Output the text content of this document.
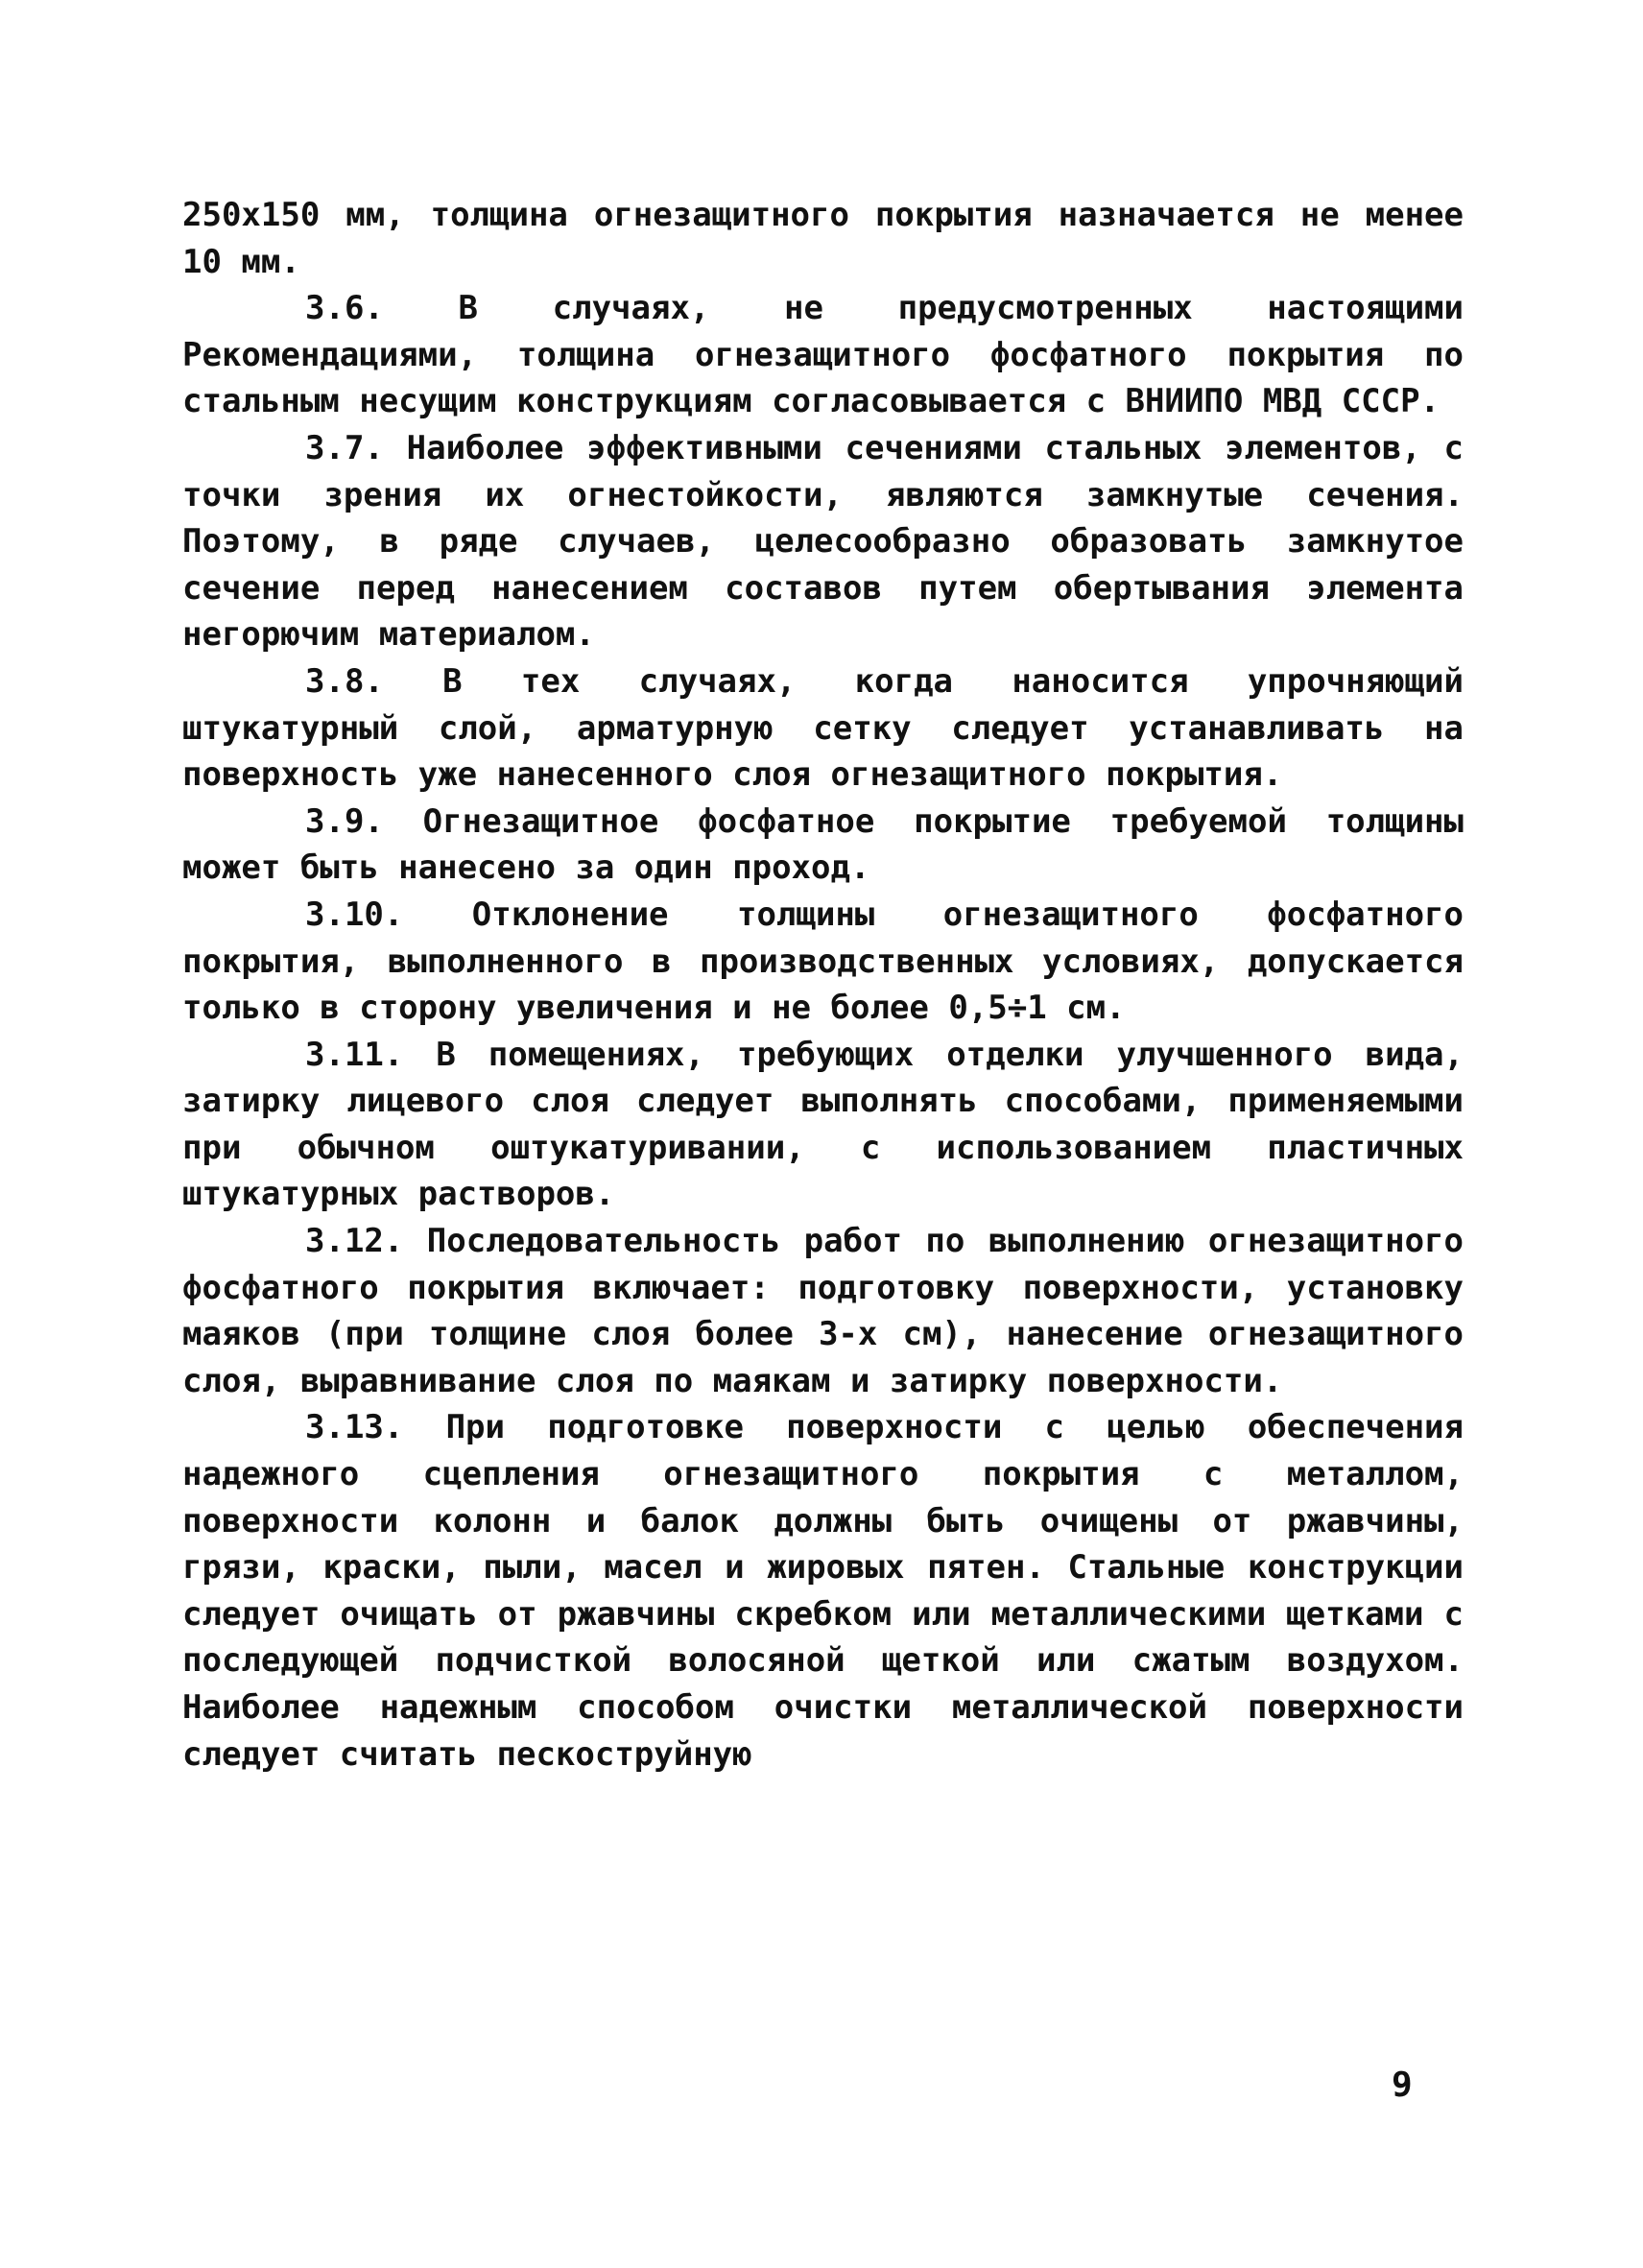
250х150 мм, толщина огнезащитного покрытия назначается не менее 10 мм.

3.6. В случаях, не предусмотренных настоящими Рекомендациями, толщина огнезащитного фосфатного покрытия по стальным несущим конструкциям согласовывается с ВНИИПО МВД СССР.

3.7. Наиболее эффективными сечениями стальных элементов, с точки зрения их огнестойкости, являются замкнутые сечения. Поэтому, в ряде случаев, целесообразно образовать замкнутое сечение перед нанесением составов путем обертывания элемента негорючим материалом.

3.8. В тех случаях, когда наносится упрочняющий штукатурный слой, арматурную сетку следует устанавливать на поверхность уже нанесенного слоя огнезащитного покрытия.

3.9. Огнезащитное фосфатное покрытие требуемой толщины может быть нанесено за один проход.

3.10. Отклонение толщины огнезащитного фосфатного покрытия, выполненного в производственных условиях, допускается только в сторону увеличения и не более 0,5÷1 см.

3.11. В помещениях, требующих отделки улучшенного вида, затирку лицевого слоя следует выполнять способами, применяемыми при обычном оштукатуривании, с использованием пластичных штукатурных растворов.

3.12. Последовательность работ по выполнению огнезащитного фосфатного покрытия включает: подготовку поверхности, установку маяков (при толщине слоя более 3-х см), нанесение огнезащитного слоя, выравнивание слоя по маякам и затирку поверхности.

3.13. При подготовке поверхности с целью обеспечения надежного сцепления огнезащитного покрытия с металлом, поверхности колонн и балок должны быть очищены от ржавчины, грязи, краски, пыли, масел и жировых пятен. Стальные конструкции следует очищать от ржавчины скребком или металлическими щетками с последующей подчисткой волосяной щеткой или сжатым воздухом. Наиболее надежным способом очистки металлической поверхности следует считать пескоструйную

9
